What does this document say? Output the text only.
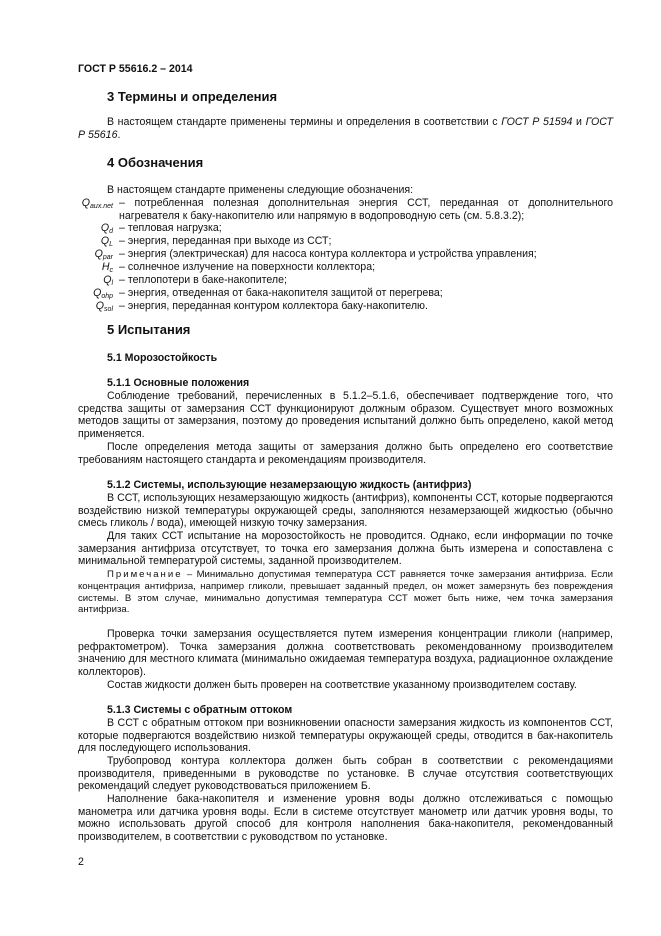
ГОСТ Р 55616.2 – 2014
3 Термины и определения

В настоящем стандарте применены термины и определения в соответствии с ГОСТ Р 51594 и ГОСТ Р 55616.

4 Обозначения

В настоящем стандарте применены следующие обозначения:

$Q_{aux.net}$ – потребленная полезная дополнительная энергия ССТ, переданная от дополнительного нагревателя к баку-накопителю или напрямую в водопроводную сеть (см. 5.8.3.2);
$Q_d$ – тепловая нагрузка;
$Q_L$ – энергия, переданная при выходе из ССТ;
$Q_{par}$ – энергия (электрическая) для насоса контура коллектора и устройства управления;
$H_c$ – солнечное излучение на поверхности коллектора;
$Q_l$ – теплопотери в баке-накопителе;
$Q_{ohp}$ – энергия, отведенная от бака-накопителя защитой от перегрева;
$Q_{sol}$ – энергия, переданная контуром коллектора баку-накопителю.
5 Испытания
5.1 Морозостойкость
5.1.1 Основные положения

Соблюдение требований, перечисленных в 5.1.2–5.1.6, обеспечивает подтверждение того, что средства защиты от замерзания ССТ функционируют должным образом. Существует много возможных методов защиты от замерзания, поэтому до проведения испытаний должно быть определено, какой метод применяется.

После определения метода защиты от замерзания должно быть определено его соответствие требованиям настоящего стандарта и рекомендациям производителя.

5.1.2 Системы, использующие незамерзающую жидкость (антифриз)

В ССТ, использующих незамерзающую жидкость (антифриз), компоненты ССТ, которые подвергаются воздействию низкой температуры окружающей среды, заполняются незамерзающей жидкостью (обычно смесь гликоль / вода), имеющей низкую точку замерзания.

Для таких ССТ испытание на морозостойкость не проводится. Однако, если информации по точке замерзания антифриза отсутствует, то точка его замерзания должна быть измерена и сопоставлена с минимальной температурой системы, заданной производителем.

Примечание – Минимально допустимая температура ССТ равняется точке замерзания антифриза. Если концентрация антифриза, например гликоли, превышает заданный предел, он может замерзнуть без повреждения системы. В этом случае, минимально допустимая температура ССТ может быть ниже, чем точка замерзания антифриза.

Проверка точки замерзания осуществляется путем измерения концентрации гликоли (например, рефрактометром). Точка замерзания должна соответствовать рекомендованному производителем значению для местного климата (минимально ожидаемая температура воздуха, радиационное охлаждение коллекторов).

Состав жидкости должен быть проверен на соответствие указанному производителем составу.

5.1.3 Системы с обратным оттоком

В ССТ с обратным оттоком при возникновении опасности замерзания жидкость из компонентов ССТ, которые подвергаются воздействию низкой температуры окружающей среды, отводится в бак-накопитель для последующего использования.

Трубопровод контура коллектора должен быть собран в соответствии с рекомендациями производителя, приведенными в руководстве по установке. В случае отсутствия соответствующих рекомендаций следует руководствоваться приложением Б.

Наполнение бака-накопителя и изменение уровня воды должно отслеживаться с помощью манометра или датчика уровня воды. Если в системе отсутствует манометр или датчик уровня воды, то можно использовать другой способ для контроля наполнения бака-накопителя, рекомендованный производителем, в соответствии с руководством по установке.

2
